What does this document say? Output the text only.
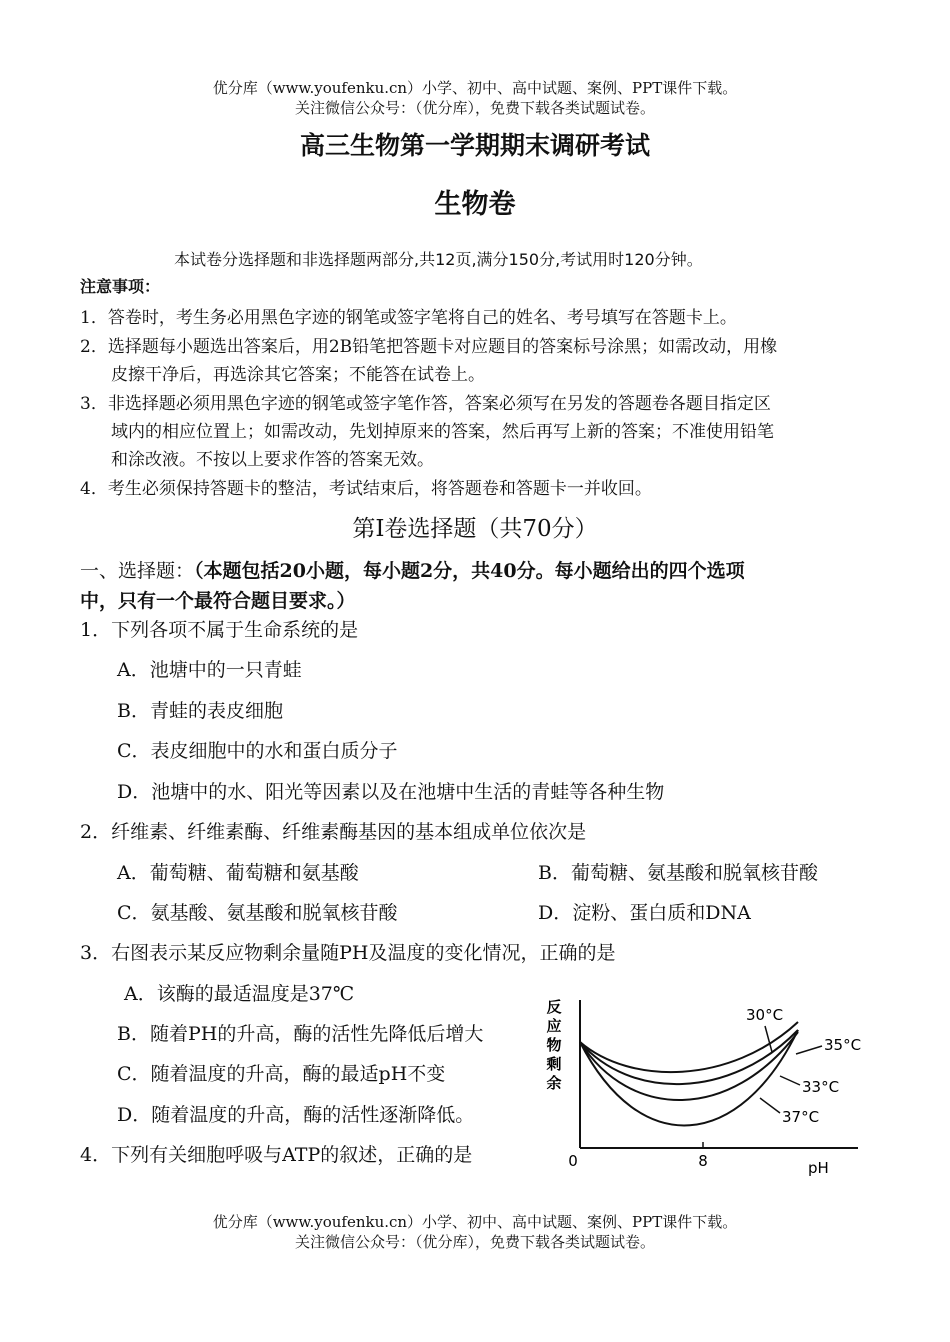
优分库（www.youfenku.cn）小学、初中、高中试题、案例、PPT课件下载。
关注微信公众号：（优分库），免费下载各类试题试卷。
高三生物第一学期期末调研考试
生物卷
本试卷分选择题和非选择题两部分,共12页,满分150分,考试用时120分钟。
注意事项：
1．答卷时，考生务必用黑色字迹的钢笔或签字笔将自己的姓名、考号填写在答题卡上。
2．选择题每小题选出答案后，用2B铅笔把答题卡对应题目的答案标号涂黑；如需改动，用橡
皮擦干净后，再选涂其它答案；不能答在试卷上。
3．非选择题必须用黑色字迹的钢笔或签字笔作答，答案必须写在另发的答题卷各题目指定区
域内的相应位置上；如需改动，先划掉原来的答案，然后再写上新的答案；不准使用铅笔
和涂改液。不按以上要求作答的答案无效。
4．考生必须保持答题卡的整洁，考试结束后，将答题卷和答题卡一并收回。
第Ⅰ卷选择题（共70分）
一、选择题：（本题包括20小题，每小题2分，共40分。每小题给出的四个选项
中，只有一个最符合题目要求。）
1．下列各项不属于生命系统的是
A．池塘中的一只青蛙
B．青蛙的表皮细胞
C．表皮细胞中的水和蛋白质分子
D．池塘中的水、阳光等因素以及在池塘中生活的青蛙等各种生物
2．纤维素、纤维素酶、纤维素酶基因的基本组成单位依次是
A．葡萄糖、葡萄糖和氨基酸	B．葡萄糖、氨基酸和脱氧核苷酸
C．氨基酸、氨基酸和脱氧核苷酸	D．淀粉、蛋白质和DNA
3．右图表示某反应物剩余量随PH及温度的变化情况，正确的是
A．该酶的最适温度是37℃
B．随着PH的升高，酶的活性先降低后增大
C．随着温度的升高，酶的最适pH不变
D．随着温度的升高，酶的活性逐渐降低。
4．下列有关细胞呼吸与ATP的叙述，正确的是
反
应
物
剩
余
0	8	pH
30°C
35°C
33°C
37°C
优分库（www.youfenku.cn）小学、初中、高中试题、案例、PPT课件下载。
关注微信公众号：（优分库），免费下载各类试题试卷。
